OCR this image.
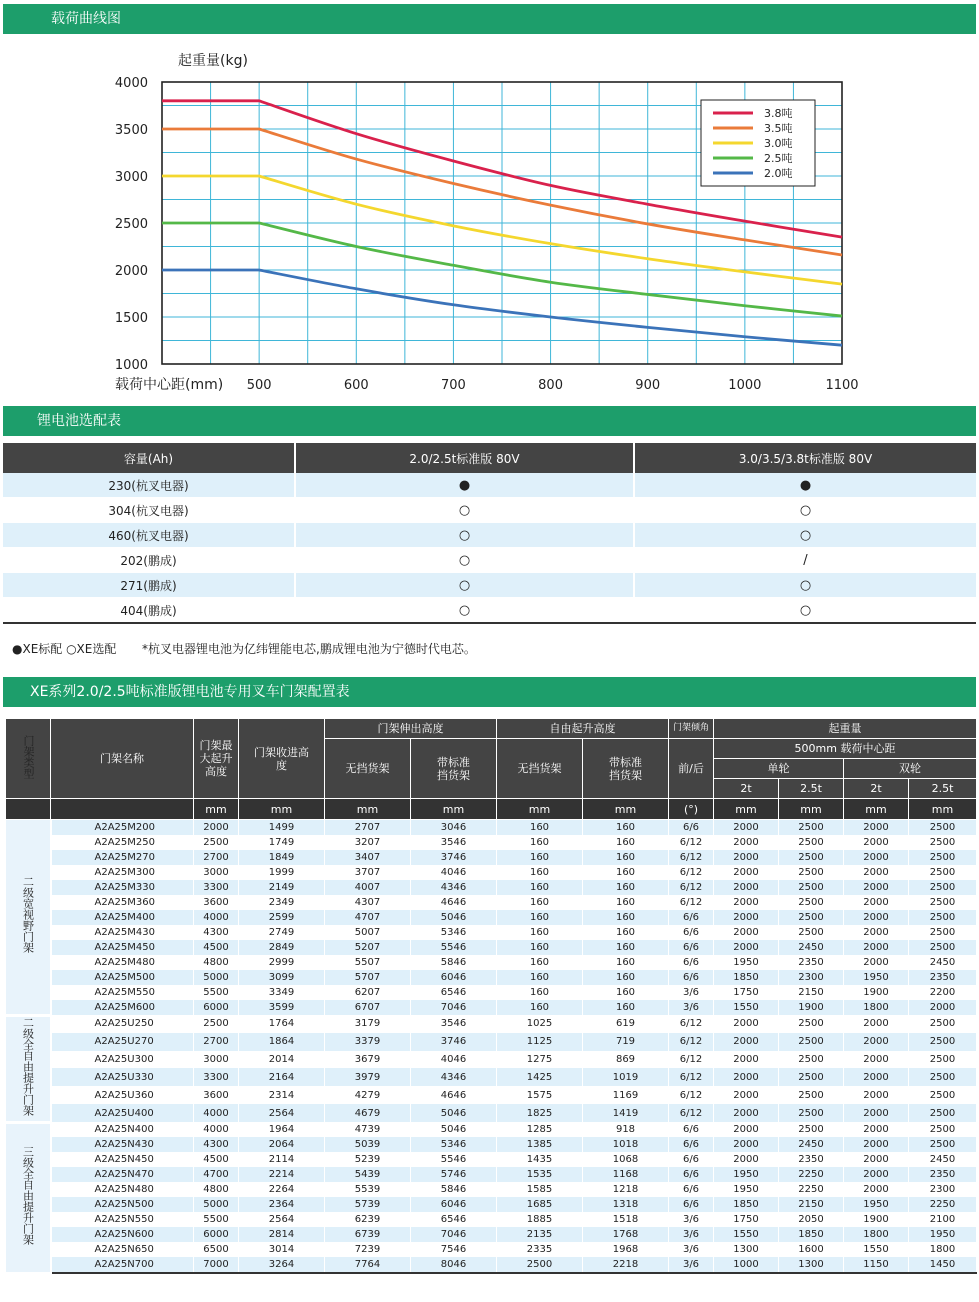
载荷曲线图
起重量(kg)
载荷中心距(mm)
4000
3500
3000
2500
2000
1500
1000
500	600	700	800	900	1000	1100
3.8吨
3.5吨
3.0吨
2.5吨
2.0吨
锂电池选配表
容量(Ah)	2.0/2.5t标准版 80V	3.0/3.5/3.8t标准版 80V
230(杭叉电器)	●	●
304(杭叉电器)	○	○
460(杭叉电器)	○	○
202(鹏成)	○	/
271(鹏成)	○	○
404(鹏成)	○	○
●XE标配 ○XE选配 *杭叉电器锂电池为亿纬锂能电芯,鹏成锂电池为宁德时代电芯。
XE系列2.0/2.5吨标准版锂电池专用叉车门架配置表
门架类型	门架名称	门架最大起升高度	门架收进高度	门架伸出高度		自由起升高度		门架倾角	起重量			
				无挡货架	带标准挡货架	无挡货架	带标准挡货架	前/后	500mm 载荷中心距			
									单轮		双轮	
									2t	2.5t	2t	2.5t
		mm	mm	mm	mm	mm	mm	(°)	mm	mm	mm	mm
二级宽视野门架	A2A25M200	2000	1499	2707	3046	160	160	6/6	2000	2500	2000	2500
	A2A25M250	2500	1749	3207	3546	160	160	6/12	2000	2500	2000	2500
	A2A25M270	2700	1849	3407	3746	160	160	6/12	2000	2500	2000	2500
	A2A25M300	3000	1999	3707	4046	160	160	6/12	2000	2500	2000	2500
	A2A25M330	3300	2149	4007	4346	160	160	6/12	2000	2500	2000	2500
	A2A25M360	3600	2349	4307	4646	160	160	6/12	2000	2500	2000	2500
	A2A25M400	4000	2599	4707	5046	160	160	6/6	2000	2500	2000	2500
	A2A25M430	4300	2749	5007	5346	160	160	6/6	2000	2500	2000	2500
	A2A25M450	4500	2849	5207	5546	160	160	6/6	2000	2450	2000	2500
	A2A25M480	4800	2999	5507	5846	160	160	6/6	1950	2350	2000	2450
	A2A25M500	5000	3099	5707	6046	160	160	6/6	1850	2300	1950	2350
	A2A25M550	5500	3349	6207	6546	160	160	3/6	1750	2150	1900	2200
	A2A25M600	6000	3599	6707	7046	160	160	3/6	1550	1900	1800	2000
二级全自由提升门架	A2A25U250	2500	1764	3179	3546	1025	619	6/12	2000	2500	2000	2500
	A2A25U270	2700	1864	3379	3746	1125	719	6/12	2000	2500	2000	2500
	A2A25U300	3000	2014	3679	4046	1275	869	6/12	2000	2500	2000	2500
	A2A25U330	3300	2164	3979	4346	1425	1019	6/12	2000	2500	2000	2500
	A2A25U360	3600	2314	4279	4646	1575	1169	6/12	2000	2500	2000	2500
	A2A25U400	4000	2564	4679	5046	1825	1419	6/12	2000	2500	2000	2500
三级全自由提升门架	A2A25N400	4000	1964	4739	5046	1285	918	6/6	2000	2500	2000	2500
	A2A25N430	4300	2064	5039	5346	1385	1018	6/6	2000	2450	2000	2500
	A2A25N450	4500	2114	5239	5546	1435	1068	6/6	2000	2350	2000	2450
	A2A25N470	4700	2214	5439	5746	1535	1168	6/6	1950	2250	2000	2350
	A2A25N480	4800	2264	5539	5846	1585	1218	6/6	1950	2250	2000	2300
	A2A25N500	5000	2364	5739	6046	1685	1318	6/6	1850	2150	1950	2250
	A2A25N550	5500	2564	6239	6546	1885	1518	3/6	1750	2050	1900	2100
	A2A25N600	6000	2814	6739	7046	2135	1768	3/6	1550	1850	1800	1950
	A2A25N650	6500	3014	7239	7546	2335	1968	3/6	1300	1600	1550	1800
	A2A25N700	7000	3264	7764	8046	2500	2218	3/6	1000	1300	1150	1450
